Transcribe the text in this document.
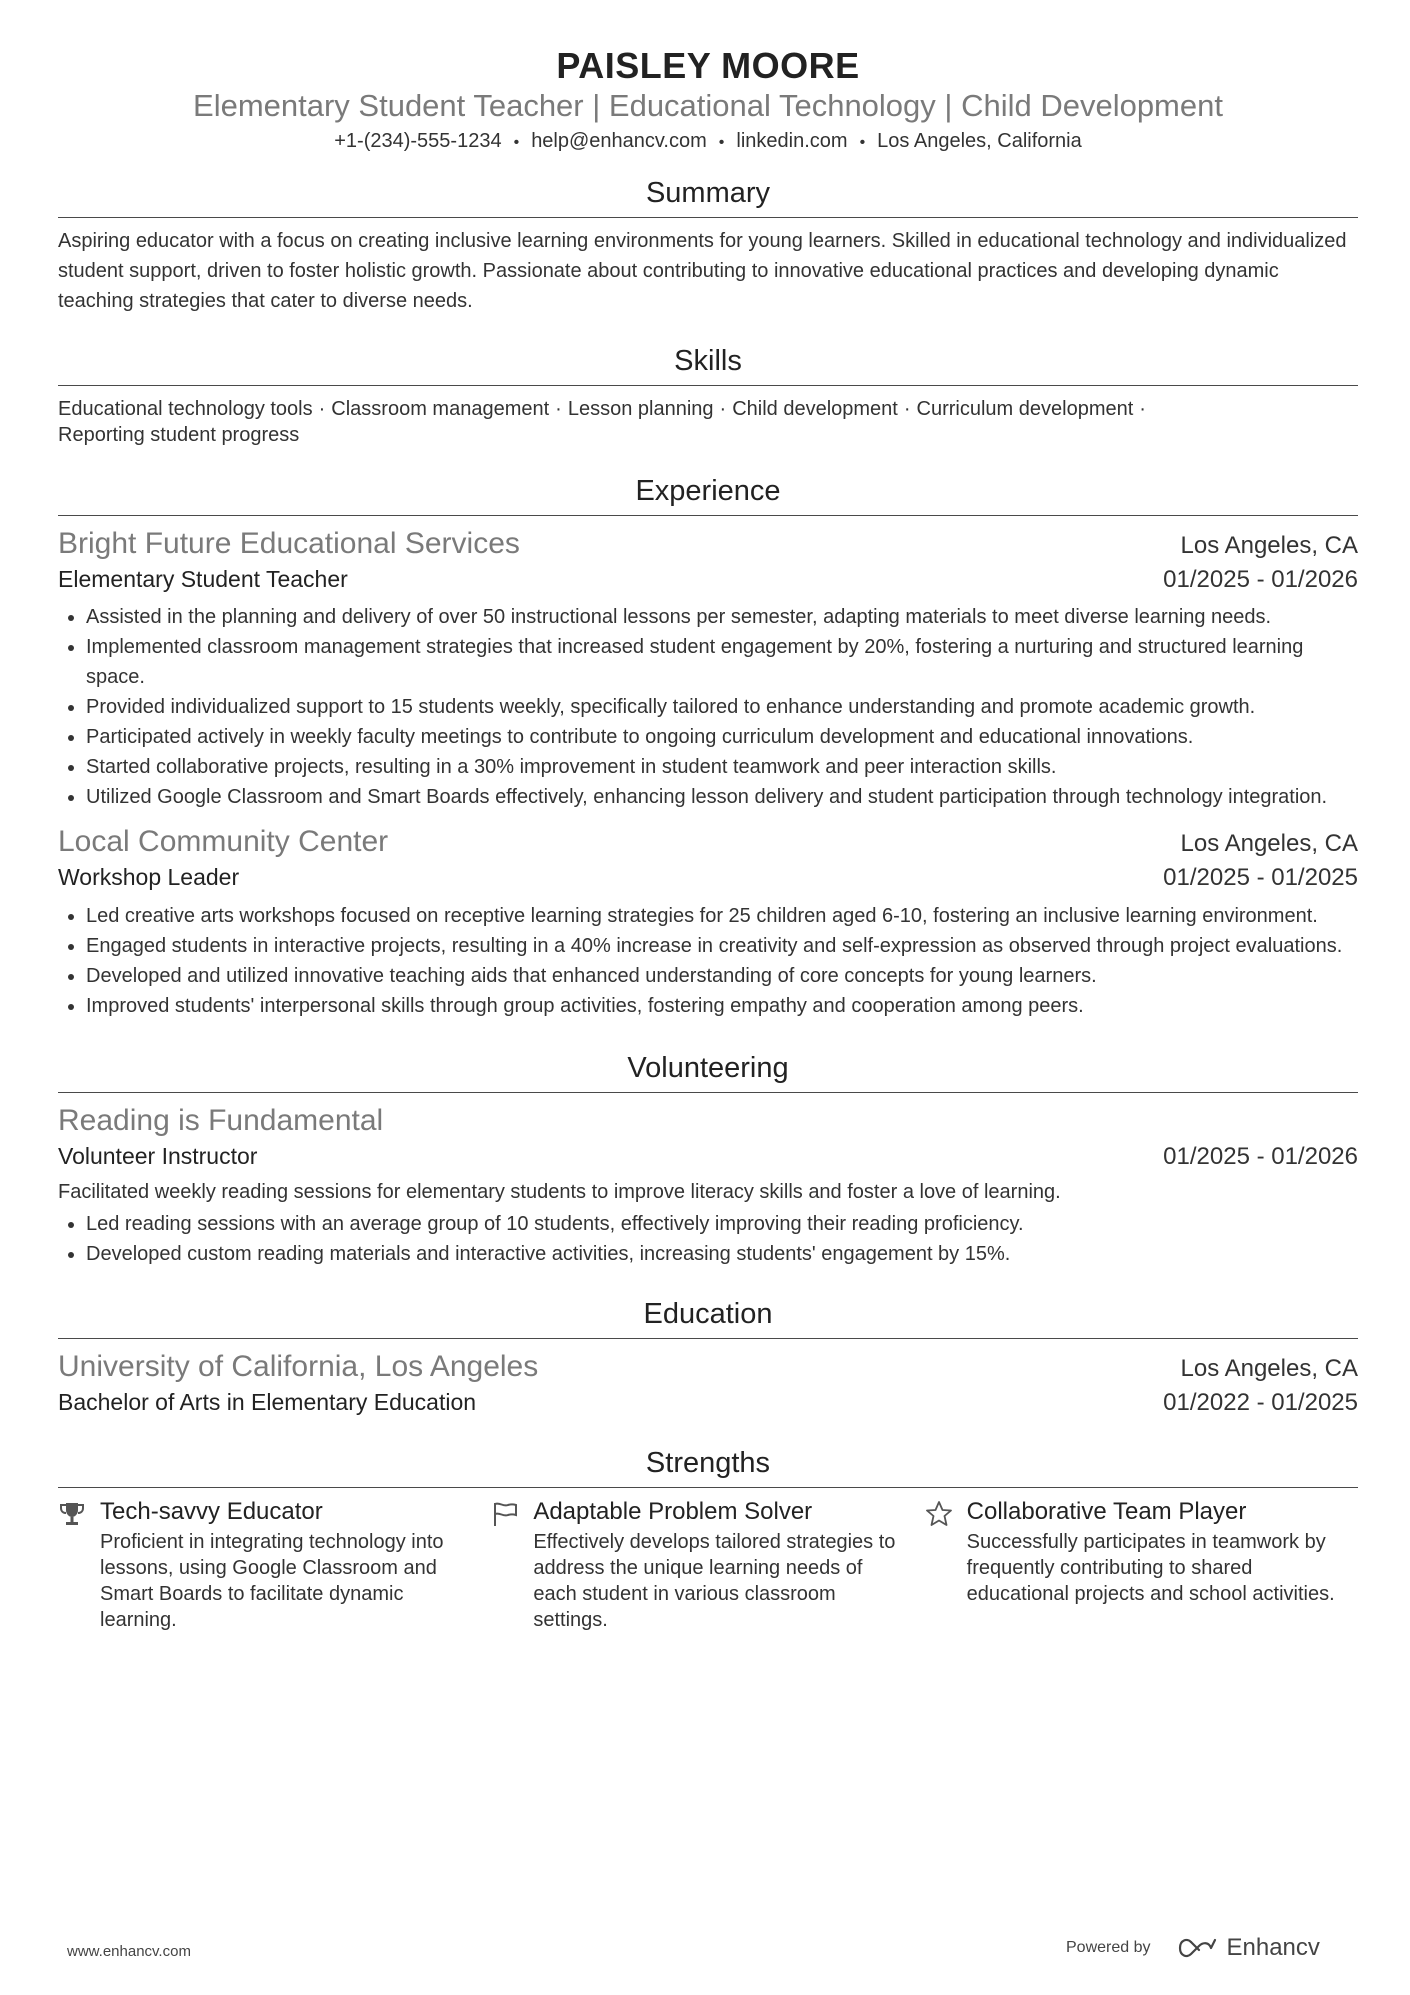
PAISLEY MOORE
Elementary Student Teacher | Educational Technology | Child Development
+1-(234)-555-1234 • help@enhancv.com • linkedin.com • Los Angeles, California
Summary
Aspiring educator with a focus on creating inclusive learning environments for young learners. Skilled in educational technology and individualized student support, driven to foster holistic growth. Passionate about contributing to innovative educational practices and developing dynamic teaching strategies that cater to diverse needs.
Skills
Educational technology tools · Classroom management · Lesson planning · Child development · Curriculum development ·
Reporting student progress
Experience
Bright Future Educational Services	Los Angeles, CA
Elementary Student Teacher	01/2025 - 01/2026
• Assisted in the planning and delivery of over 50 instructional lessons per semester, adapting materials to meet diverse learning needs.
• Implemented classroom management strategies that increased student engagement by 20%, fostering a nurturing and structured learning space.
• Provided individualized support to 15 students weekly, specifically tailored to enhance understanding and promote academic growth.
• Participated actively in weekly faculty meetings to contribute to ongoing curriculum development and educational innovations.
• Started collaborative projects, resulting in a 30% improvement in student teamwork and peer interaction skills.
• Utilized Google Classroom and Smart Boards effectively, enhancing lesson delivery and student participation through technology integration.
Local Community Center	Los Angeles, CA
Workshop Leader	01/2025 - 01/2025
• Led creative arts workshops focused on receptive learning strategies for 25 children aged 6-10, fostering an inclusive learning environment.
• Engaged students in interactive projects, resulting in a 40% increase in creativity and self-expression as observed through project evaluations.
• Developed and utilized innovative teaching aids that enhanced understanding of core concepts for young learners.
• Improved students' interpersonal skills through group activities, fostering empathy and cooperation among peers.
Volunteering
Reading is Fundamental
Volunteer Instructor	01/2025 - 01/2026
Facilitated weekly reading sessions for elementary students to improve literacy skills and foster a love of learning.
• Led reading sessions with an average group of 10 students, effectively improving their reading proficiency.
• Developed custom reading materials and interactive activities, increasing students' engagement by 15%.
Education
University of California, Los Angeles	Los Angeles, CA
Bachelor of Arts in Elementary Education	01/2022 - 01/2025
Strengths
Tech-savvy Educator
Proficient in integrating technology into lessons, using Google Classroom and Smart Boards to facilitate dynamic learning.
Adaptable Problem Solver
Effectively develops tailored strategies to address the unique learning needs of each student in various classroom settings.
Collaborative Team Player
Successfully participates in teamwork by frequently contributing to shared educational projects and school activities.
www.enhancv.com	Powered by	Enhancv
